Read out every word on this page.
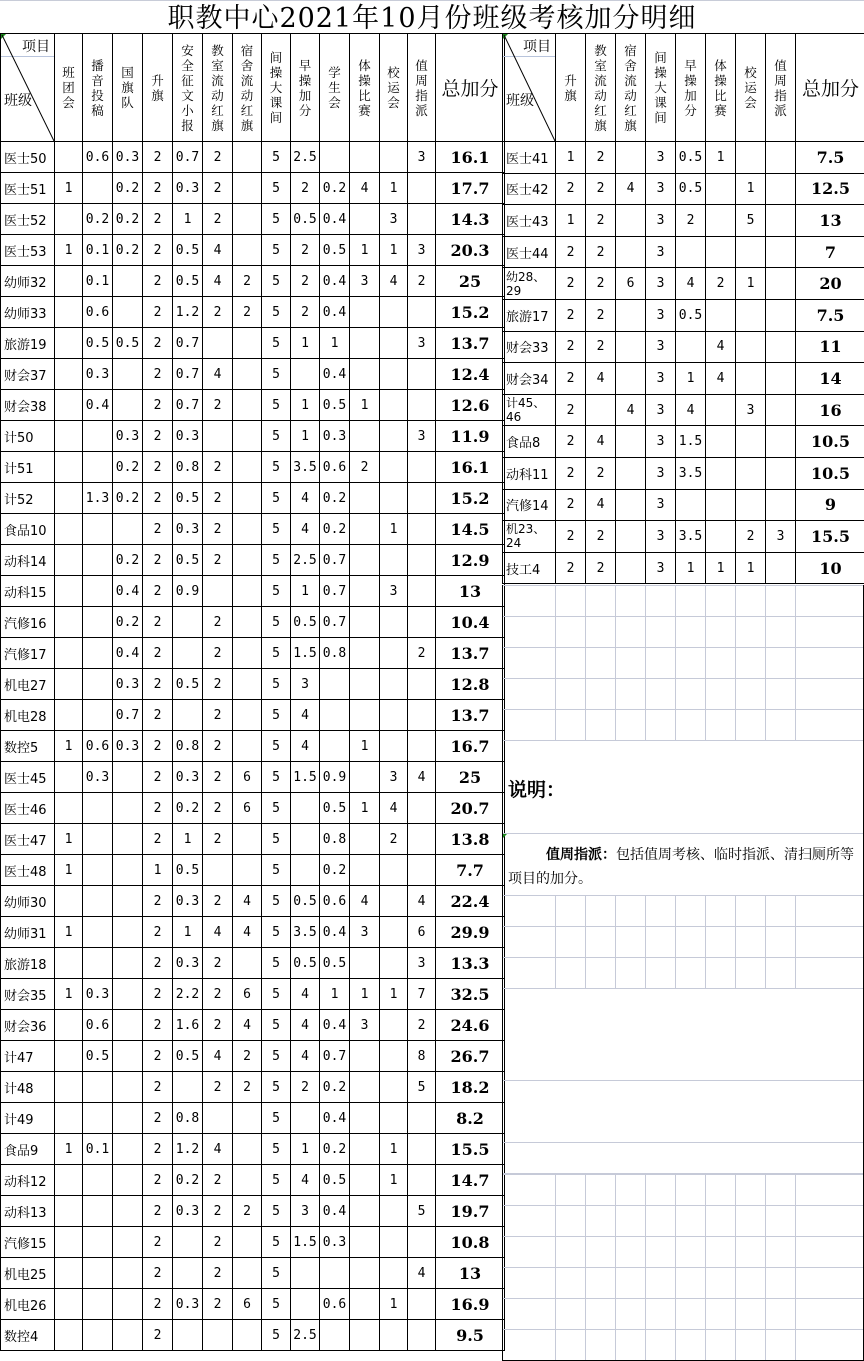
职教中心2021年10月份班级考核加分明细
项目
班级	班团会	播音投稿	国旗队	升旗	安全征文小报	教室流动红旗	宿舍流动红旗	间操大课间	早操加分	学生会	体操比赛	校运会	值周指派	总加分
医士50		0.6	0.3	2	0.7	2		5	2.5				3	16.1
医士51	1		0.2	2	0.3	2		5	2	0.2	4	1		17.7
医士52		0.2	0.2	2	1	2		5	0.5	0.4		3		14.3
医士53	1	0.1	0.2	2	0.5	4		5	2	0.5	1	1	3	20.3
幼师32		0.1		2	0.5	4	2	5	2	0.4	3	4	2	25
幼师33		0.6		2	1.2	2	2	5	2	0.4				15.2
旅游19		0.5	0.5	2	0.7			5	1	1			3	13.7
财会37		0.3		2	0.7	4		5		0.4				12.4
财会38		0.4		2	0.7	2		5	1	0.5	1			12.6
计50			0.3	2	0.3			5	1	0.3			3	11.9
计51			0.2	2	0.8	2		5	3.5	0.6	2			16.1
计52		1.3	0.2	2	0.5	2		5	4	0.2				15.2
食品10				2	0.3	2		5	4	0.2		1		14.5
动科14			0.2	2	0.5	2		5	2.5	0.7				12.9
动科15			0.4	2	0.9			5	1	0.7		3		13
汽修16			0.2	2		2		5	0.5	0.7				10.4
汽修17			0.4	2		2		5	1.5	0.8			2	13.7
机电27			0.3	2	0.5	2		5	3					12.8
机电28			0.7	2		2		5	4					13.7
数控5	1	0.6	0.3	2	0.8	2		5	4		1			16.7
医士45		0.3		2	0.3	2	6	5	1.5	0.9		3	4	25
医士46				2	0.2	2	6	5		0.5	1	4		20.7
医士47	1			2	1	2		5		0.8		2		13.8
医士48	1			1	0.5			5		0.2				7.7
幼师30				2	0.3	2	4	5	0.5	0.6	4		4	22.4
幼师31	1			2	1	4	4	5	3.5	0.4	3		6	29.9
旅游18				2	0.3	2		5	0.5	0.5			3	13.3
财会35	1	0.3		2	2.2	2	6	5	4	1	1	1	7	32.5
财会36		0.6		2	1.6	2	4	5	4	0.4	3		2	24.6
计47		0.5		2	0.5	4	2	5	4	0.7			8	26.7
计48				2		2	2	5	2	0.2			5	18.2
计49				2	0.8			5		0.4				8.2
食品9	1	0.1		2	1.2	4		5	1	0.2		1		15.5
动科12				2	0.2	2		5	4	0.5		1		14.7
动科13				2	0.3	2	2	5	3	0.4			5	19.7
汽修15				2		2		5	1.5	0.3				10.8
机电25				2		2		5					4	13
机电26				2	0.3	2	6	5		0.6		1		16.9
数控4				2				5	2.5					9.5
项目
班级	升旗	教室流动红旗	宿舍流动红旗	间操大课间	早操加分	体操比赛	校运会	值周指派	总加分
医士41	1	2		3	0.5	1			7.5
医士42	2	2	4	3	0.5		1		12.5
医士43	1	2		3	2		5		13
医士44	2	2		3					7
幼28、29	2	2	6	3	4	2	1		20
旅游17	2	2		3	0.5				7.5
财会33	2	2		3		4			11
财会34	2	4		3	1	4			14
计45、46	2		4	3	4		3		16
食品8	2	4		3	1.5				10.5
动科11	2	2		3	3.5				10.5
汽修14	2	4		3					9
机23、24	2	2		3	3.5		2	3	15.5
技工4	2	2		3	1	1	1		10

说明：
值周指派：包括值周考核、临时指派、清扫厕所等项目的加分。
